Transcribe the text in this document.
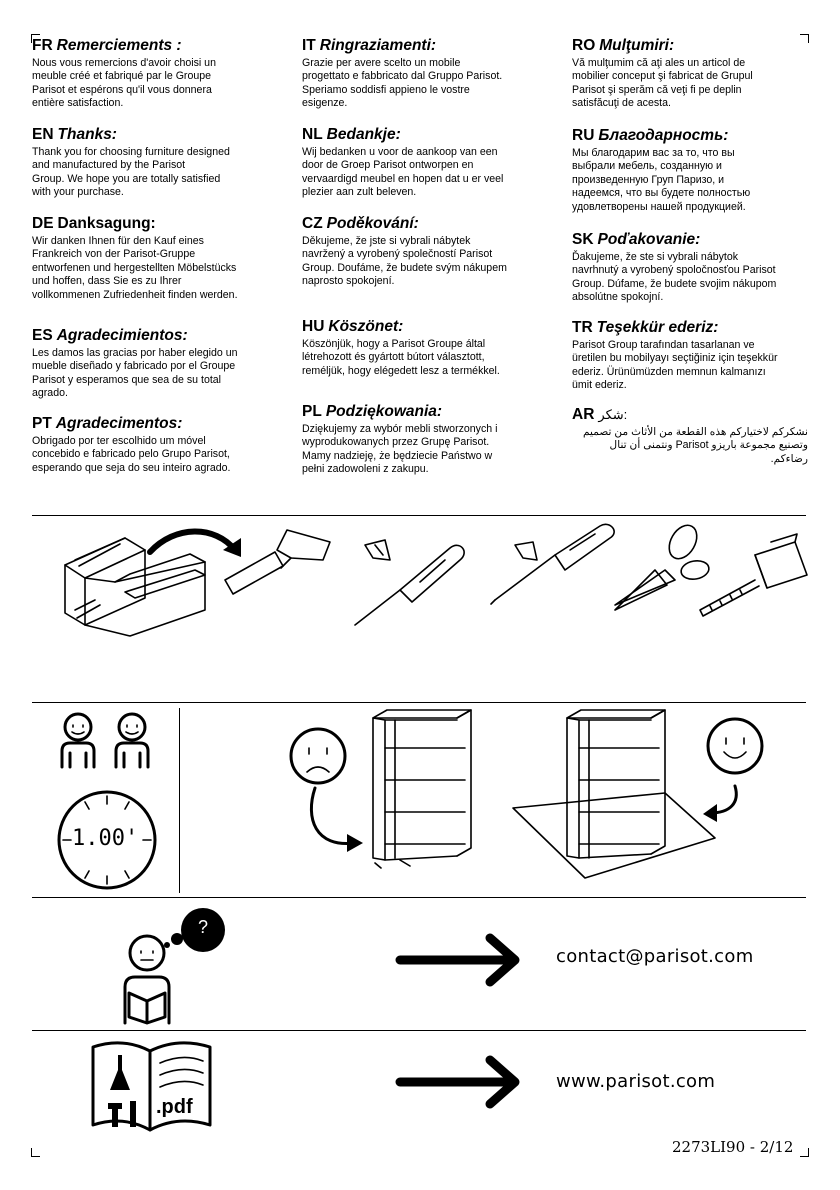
FR Remerciements :

Nous vous remercions d'avoir choisi un
meuble créé et fabriqué par le Groupe
Parisot et espérons qu'il vous donnera
entière satisfaction.

EN Thanks:

Thank you for choosing furniture designed
and manufactured by the Parisot
Group. We hope you are totally satisfied
with your purchase.

DE Danksagung:

Wir danken Ihnen für den Kauf eines
Frankreich von der Parisot-Gruppe
entworfenen und hergestellten Möbelstücks
und hoffen, dass Sie es zu Ihrer
vollkommenen Zufriedenheit finden werden.

ES Agradecimientos:

Les damos las gracias por haber elegido un
mueble diseñado y fabricado por el Groupe
Parisot y esperamos que sea de su total
agrado.

PT Agradecimentos:

Obrigado por ter escolhido um móvel
concebido e fabricado pelo Grupo Parisot,
esperando que seja do seu inteiro agrado.

IT Ringraziamenti:

Grazie per avere scelto un mobile
progettato e fabbricato dal Gruppo Parisot.
Speriamo soddisfi appieno le vostre
esigenze.

NL Bedankje:

Wij bedanken u voor de aankoop van een
door de Groep Parisot ontworpen en
vervaardigd meubel en hopen dat u er veel
plezier aan zult beleven.

CZ Poděkování:

Děkujeme, že jste si vybrali nábytek
navržený a vyrobený společností Parisot
Group. Doufáme, že budete svým nákupem
naprosto spokojení.

HU Köszönet:

Köszönjük, hogy a Parisot Groupe által
létrehozott és gyártott bútort választott,
reméljük, hogy elégedett lesz a termékkel.

PL Podziękowania:

Dziękujemy za wybór mebli stworzonych i
wyprodukowanych przez Grupę Parisot.
Mamy nadzieję, że będziecie Państwo w
pełni zadowoleni z zakupu.

RO Mulţumiri:

Vă mulţumim că aţi ales un articol de
mobilier conceput şi fabricat de Grupul
Parisot şi sperăm că veţi fi pe deplin
satisfăcuţi de acesta.

RU Благодарность:

Мы благодарим вас за то, что вы
выбрали мебель, созданную и
произведенную Груп Паризо, и
надеемся, что вы будете полностью
удовлетворены нашей продукцией.

SK Poďakovanie:

Ďakujeme, že ste si vybrali nábytok
navrhnutý a vyrobený spoločnosťou Parisot
Group. Dúfame, že budete svojim nákupom
absolútne spokojní.

TR Teşekkür ederiz:

Parisot Group tarafından tasarlanan ve
üretilen bu mobilyayı seçtiğiniz için teşekkür
ederiz. Ürünümüzden memnun kalmanızı
ümit ederiz.

AR شكر:

نشكركم لاختياركم هذه القطعة من الأثاث من تصميم
وتصنيع مجموعة باريزو Parisot ونتمنى أن تنال
رضاءكم.

1.00'
?
contact@parisot.com
.pdf
www.parisot.com
2273LI90 - 2/12
